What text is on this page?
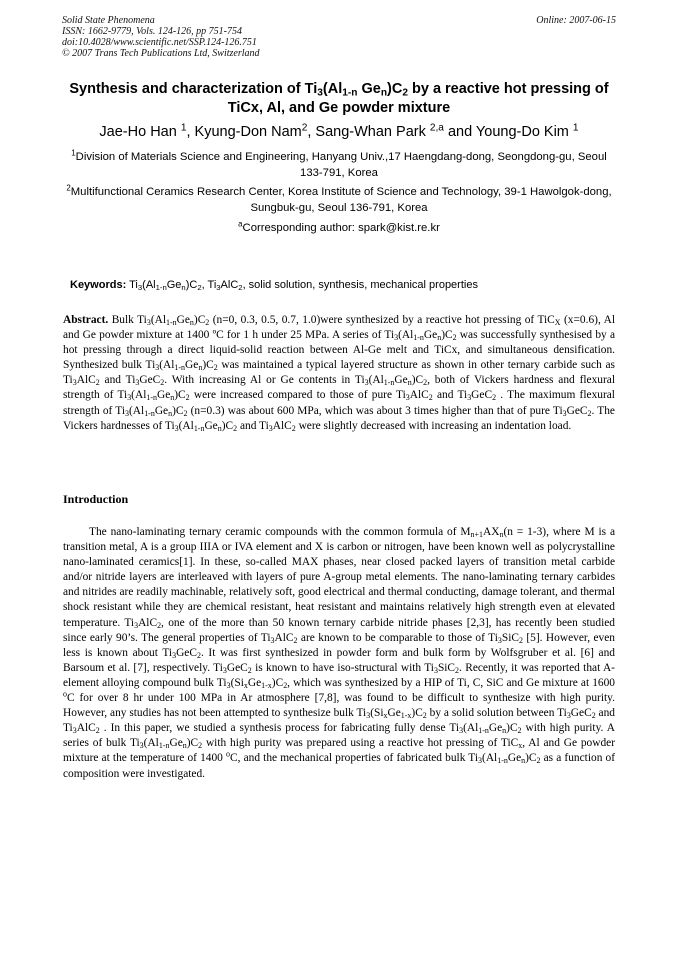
Solid State Phenomena
ISSN: 1662-9779, Vols. 124-126, pp 751-754
doi:10.4028/www.scientific.net/SSP.124-126.751
© 2007 Trans Tech Publications Ltd, Switzerland
Online: 2007-06-15
Synthesis and characterization of $Ti_3(Al_{1-n}$ $Ge_n)C_2$ by a reactive hot pressing of TiCx, Al, and Ge powder mixture
Jae-Ho Han $^1$, Kyung-Don Nam$^2$, Sang-Whan Park $^{2,a}$ and Young-Do Kim $^1$
$^1$Division of Materials Science and Engineering, Hanyang Univ.,17 Haengdang-dong, Seongdong-gu, Seoul 133-791, Korea
$^2$Multifunctional Ceramics Research Center, Korea Institute of Science and Technology, 39-1 Hawolgok-dong, Sungbuk-gu, Seoul 136-791, Korea
$^a$Corresponding author: spark@kist.re.kr
Keywords: $Ti_3(Al_{1-n}Ge_n)C_2$, $Ti_3AlC_2$, solid solution, synthesis, mechanical properties
Abstract. Bulk $Ti_3(Al_{1-n}Ge_n)C_2$ (n=0, 0.3, 0.5, 0.7, 1.0)were synthesized by a reactive hot pressing of TiC$_X$ (x=0.6), Al and Ge powder mixture at 1400 ºC for 1 h under 25 MPa. A series of $Ti_3(Al_{1-n}Ge_n)C_2$ was successfully synthesised by a hot pressing through a direct liquid-solid reaction between Al-Ge melt and TiCx, and simultaneous densification. Synthesized bulk $Ti_3(Al_{1-n}Ge_n)C_2$ was maintained a typical layered structure as shown in other ternary carbide such as $Ti_3AlC_2$ and $Ti_3GeC_2$. With increasing Al or Ge contents in $Ti_3(Al_{1-n}Ge_n)C_2$, both of Vickers hardness and flexural strength of $Ti_3(Al_{1-n}Ge_n)C_2$ were increased compared to those of pure $Ti_3AlC_2$ and $Ti_3GeC_2$ . The maximum flexural strength of $Ti_3(Al_{1-n}Ge_n)C_2$ (n=0.3) was about 600 MPa, which was about 3 times higher than that of pure $Ti_3GeC_2$. The Vickers hardnesses of $Ti_3(Al_{1-n}Ge_n)C_2$ and $Ti_3AlC_2$ were slightly decreased with increasing an indentation load.
Introduction
The nano-laminating ternary ceramic compounds with the common formula of $M_{n+1}AX_n(n = 1-3)$, where M is a transition metal, A is a group IIIA or IVA element and X is carbon or nitrogen, have been known well as polycrystalline nano-laminated ceramics[1]. In these, so-called MAX phases, near closed packed layers of transition metal carbide and/or nitride layers are interleaved with layers of pure A-group metal elements. The nano-laminating ternary carbides and nitrides are readily machinable, relatively soft, good electrical and thermal conducting, damage tolerant, and thermal shock resistant while they are chemical resistant, heat resistant and maintains relatively high strength even at elevated temperature. $Ti_3AlC_2$, one of the more than 50 known ternary carbide nitride phases [2,3], has recently been studied since early 90’s. The general properties of $Ti_3AlC_2$ are known to be comparable to those of $Ti_3SiC_2$ [5]. However, even less is known about $Ti_3GeC_2$. It was first synthesized in powder form and bulk form by Wolfsgruber et al. [6] and Barsoum et al. [7], respectively. $Ti_3GeC_2$ is known to have iso-structural with $Ti_3SiC_2$. Recently, it was reported that A-element alloying compound bulk $Ti_3(Si_xGe_{1-x})C_2$, which was synthesized by a HIP of Ti, C, SiC and Ge mixture at 1600 $^o$C for over 8 hr under 100 MPa in Ar atmosphere [7,8], was found to be difficult to synthesize with high purity. However, any studies has not been attempted to synthesize bulk $Ti_3(Si_xGe_{1-x})C_2$ by a solid solution between $Ti_3GeC_2$ and $Ti_3AlC_2$ . In this paper, we studied a synthesis process for fabricating fully dense $Ti_3(Al_{1-n}Ge_n)C_2$ with high purity. A series of bulk $Ti_3(Al_{1-n}Ge_n)C_2$ with high purity was prepared using a reactive hot pressing of TiC$_x$, Al and Ge powder mixture at the temperature of 1400 $^o$C, and the mechanical properties of fabricated bulk $Ti_3(Al_{1-n}Ge_n)C_2$ as a function of composition were investigated.
